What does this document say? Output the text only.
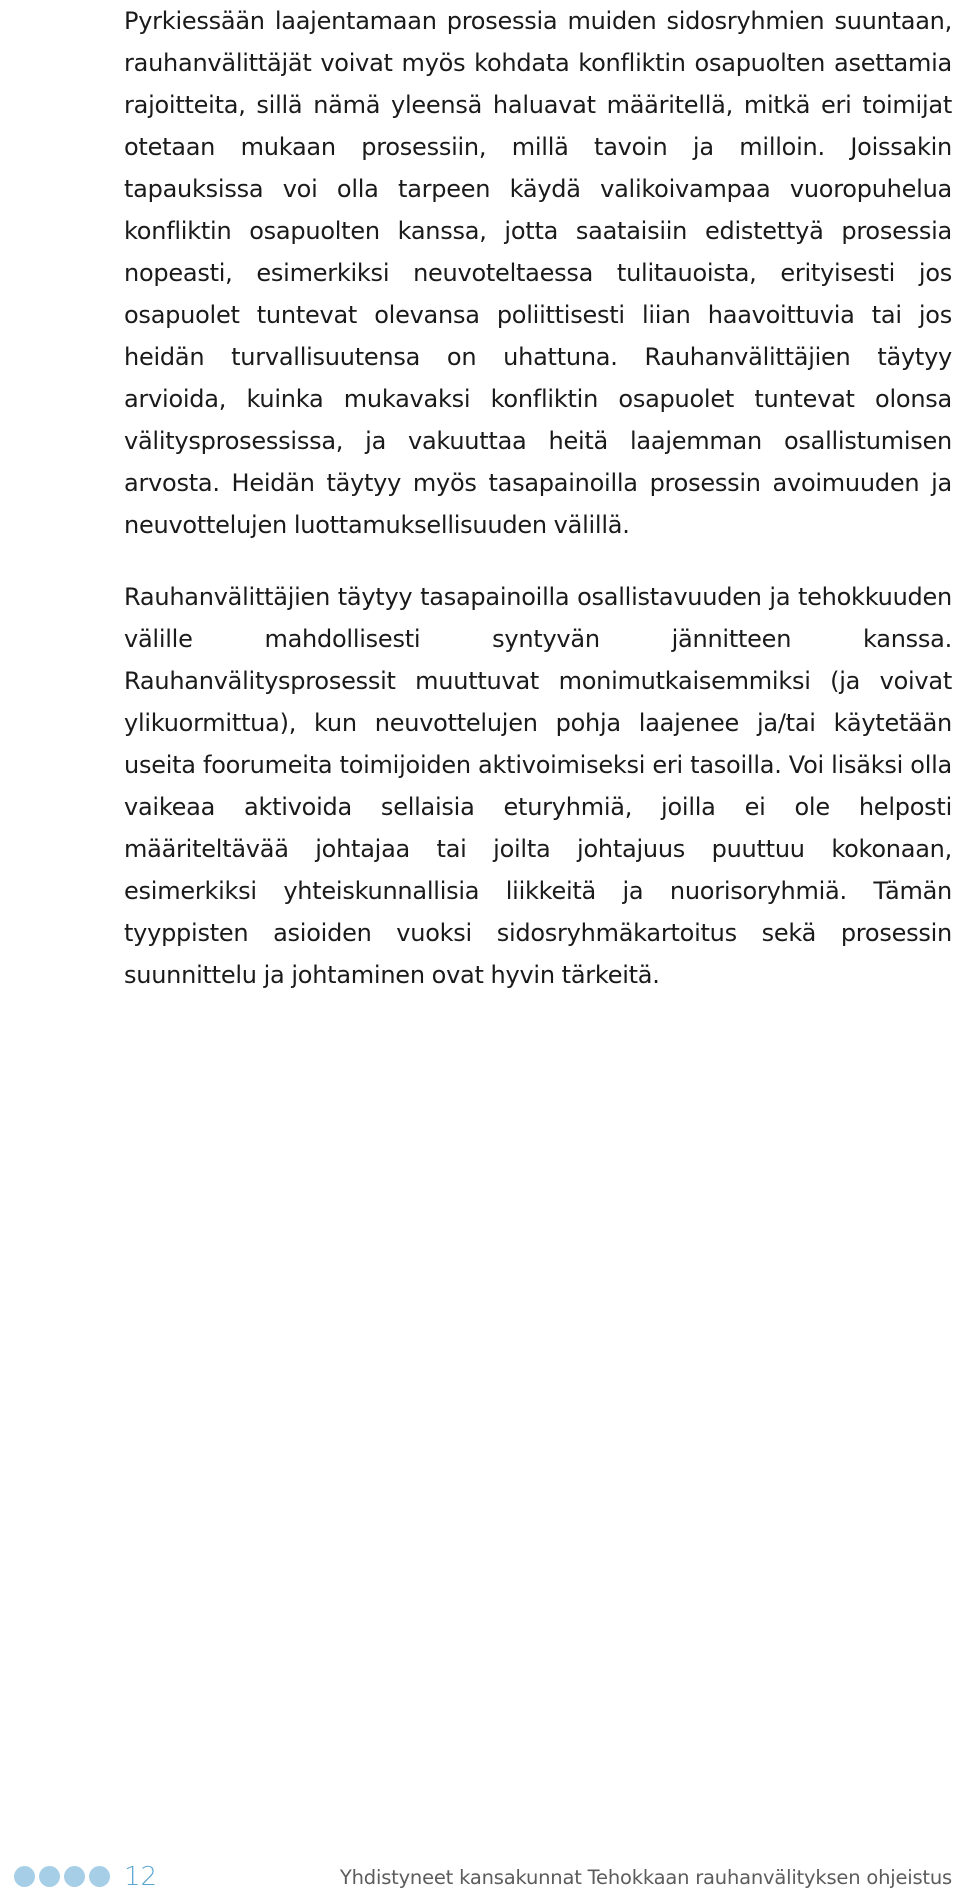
Pyrkiessään laajentamaan prosessia muiden sidosryhmien suuntaan, rauhanvälittäjät voivat myös kohdata konfliktin osapuolten asettamia rajoitteita, sillä nämä yleensä haluavat määritellä, mitkä eri toimijat otetaan mukaan prosessiin, millä tavoin ja milloin. Joissakin tapauksissa voi olla tarpeen käydä valikoivampaa vuoropuhelua konfliktin osapuolten kanssa, jotta saataisiin edistettyä prosessia nopeasti, esimerkiksi neuvoteltaessa tulitauoista, erityisesti jos osapuolet tuntevat olevansa poliittisesti liian haavoittuvia tai jos heidän turvallisuutensa on uhattuna. Rauhanvälittäjien täytyy arvioida, kuinka mukavaksi konfliktin osapuolet tuntevat olonsa välitysprosessissa, ja vakuuttaa heitä laajemman osallistumisen arvosta. Heidän täytyy myös tasapainoilla prosessin avoimuuden ja neuvottelujen luottamuksellisuuden välillä.

Rauhanvälittäjien täytyy tasapainoilla osallistavuuden ja tehokkuuden välille mahdollisesti syntyvän jännitteen kanssa. Rauhanvälitysprosessit muuttuvat monimutkaisemmiksi (ja voivat ylikuormittua), kun neuvottelujen pohja laajenee ja/tai käytetään useita foorumeita toimijoiden aktivoimiseksi eri tasoilla. Voi lisäksi olla vaikeaa aktivoida sellaisia eturyhmiä, joilla ei ole helposti määriteltävää johtajaa tai joilta johtajuus puuttuu kokonaan, esimerkiksi yhteiskunnallisia liikkeitä ja nuorisoryhmiä. Tämän tyyppisten asioiden vuoksi sidosryhmäkartoitus sekä prosessin suunnittelu ja johtaminen ovat hyvin tärkeitä.

12	Yhdistyneet kansakunnat Tehokkaan rauhanvälityksen ohjeistus
